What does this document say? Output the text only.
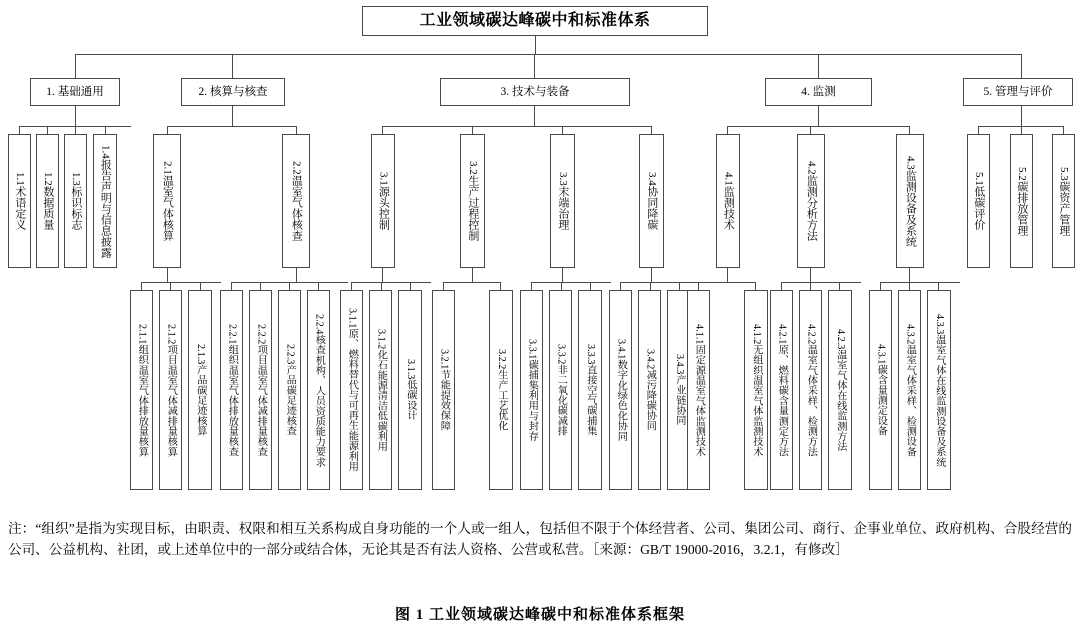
工业领域碳达峰碳中和标准体系
1. 基础通用	2. 核算与核查	3. 技术与装备	4. 监测	5. 管理与评价
1.1术语定义	1.2数据质量	1.3标识标志	1.4报告声明与信息披露	2.1温室气体核算	2.2温室气体核查
2.1.1组织温室气体排放量核算	2.1.2项目温室气体减排量核算	2.1.3产品碳足迹核算	2.2.1组织温室气体排放量核查	2.2.2项目温室气体减排量核查	2.2.3产品碳足迹核查	2.2.4核查机构、人员资质能力要求
3.1源头控制	3.2生产过程控制	3.3末端治理	3.4协同降碳
3.1.1原、燃料替代与可再生能源利用	3.1.2化石能源清洁低碳利用	3.1.3低碳设计	3.2.1节能提效保障	3.2.2生产工艺优化	3.3.1碳捕集利用与封存	3.3.2非二氧化碳减排	3.3.3直接空气碳捕集	3.4.1数字化绿色化协同	3.4.2减污降碳协同	3.4.3产业链协同
4.1监测技术	4.2监测分析方法	4.3监测设备及系统
4.1.1固定源温室气体监测技术	4.1.2无组织温室气体监测技术	4.2.1原、燃料碳含量测定方法	4.2.2温室气体采样、检测方法	4.2.3温室气体在线监测方法	4.3.1碳含量测定设备	4.3.2温室气体采样、检测设备	4.3.3温室气体在线监测设备及系统
5.1低碳评价	5.2碳排放管理	5.3碳资产管理
注：“组织”是指为实现目标，由职责、权限和相互关系构成自身功能的一个人或一组人，包括但不限于个体经营者、公司、集团公司、商行、企事业单位、政府机构、合股经营的公司、公益机构、社团，或上述单位中的一部分或结合体，无论其是否有法人资格、公营或私营。［来源：GB/T 19000-2016，3.2.1，有修改］
图 1 工业领域碳达峰碳中和标准体系框架
